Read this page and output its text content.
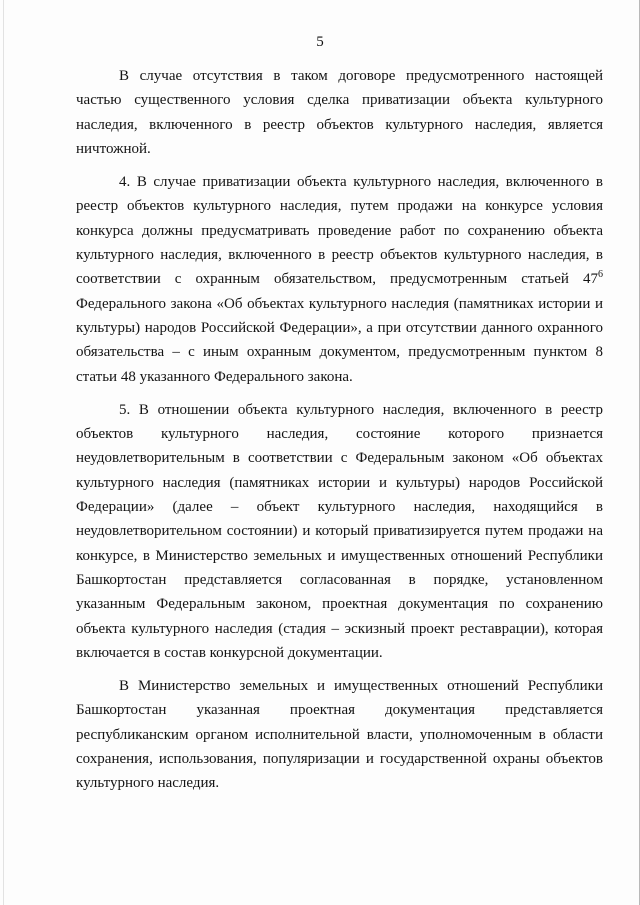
5

В случае отсутствия в таком договоре предусмотренного настоящей частью существенного условия сделка приватизации объекта культурного наследия, включенного в реестр объектов культурного наследия, является ничтожной.

4. В случае приватизации объекта культурного наследия, включенного в реестр объектов культурного наследия, путем продажи на конкурсе условия конкурса должны предусматривать проведение работ по сохранению объекта культурного наследия, включенного в реестр объектов культурного наследия, в соответствии с охранным обязательством, предусмотренным статьей $47^6$ Федерального закона «Об объектах культурного наследия (памятниках истории и культуры) народов Российской Федерации», а при отсутствии данного охранного обязательства – с иным охранным документом, предусмотренным пунктом 8 статьи 48 указанного Федерального закона.

5. В отношении объекта культурного наследия, включенного в реестр объектов культурного наследия, состояние которого признается неудовлетворительным в соответствии с Федеральным законом «Об объектах культурного наследия (памятниках истории и культуры) народов Российской Федерации» (далее – объект культурного наследия, находящийся в неудовлетворительном состоянии) и который приватизируется путем продажи на конкурсе, в Министерство земельных и имущественных отношений Республики Башкортостан представляется согласованная в порядке, установленном указанным Федеральным законом, проектная документация по сохранению объекта культурного наследия (стадия – эскизный проект реставрации), которая включается в состав конкурсной документации.

В Министерство земельных и имущественных отношений Республики Башкортостан указанная проектная документация представляется республиканским органом исполнительной власти, уполномоченным в области сохранения, использования, популяризации и государственной охраны объектов культурного наследия.
